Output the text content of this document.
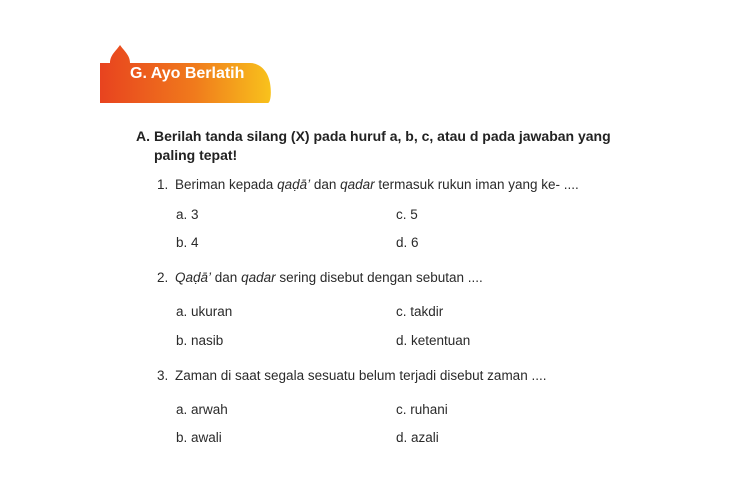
G. Ayo Berlatih
A. Berilah tanda silang (X) pada huruf a, b, c, atau d pada jawaban yang paling tepat!
1. Beriman kepada qaḍā’ dan qadar termasuk rukun iman yang ke- ....
a. 3	c. 5
b. 4	d. 6
2. Qaḍā’ dan qadar sering disebut dengan sebutan ....
a. ukuran	c. takdir
b. nasib	d. ketentuan
3. Zaman di saat segala sesuatu belum terjadi disebut zaman ....
a. arwah	c. ruhani
b. awali	d. azali
